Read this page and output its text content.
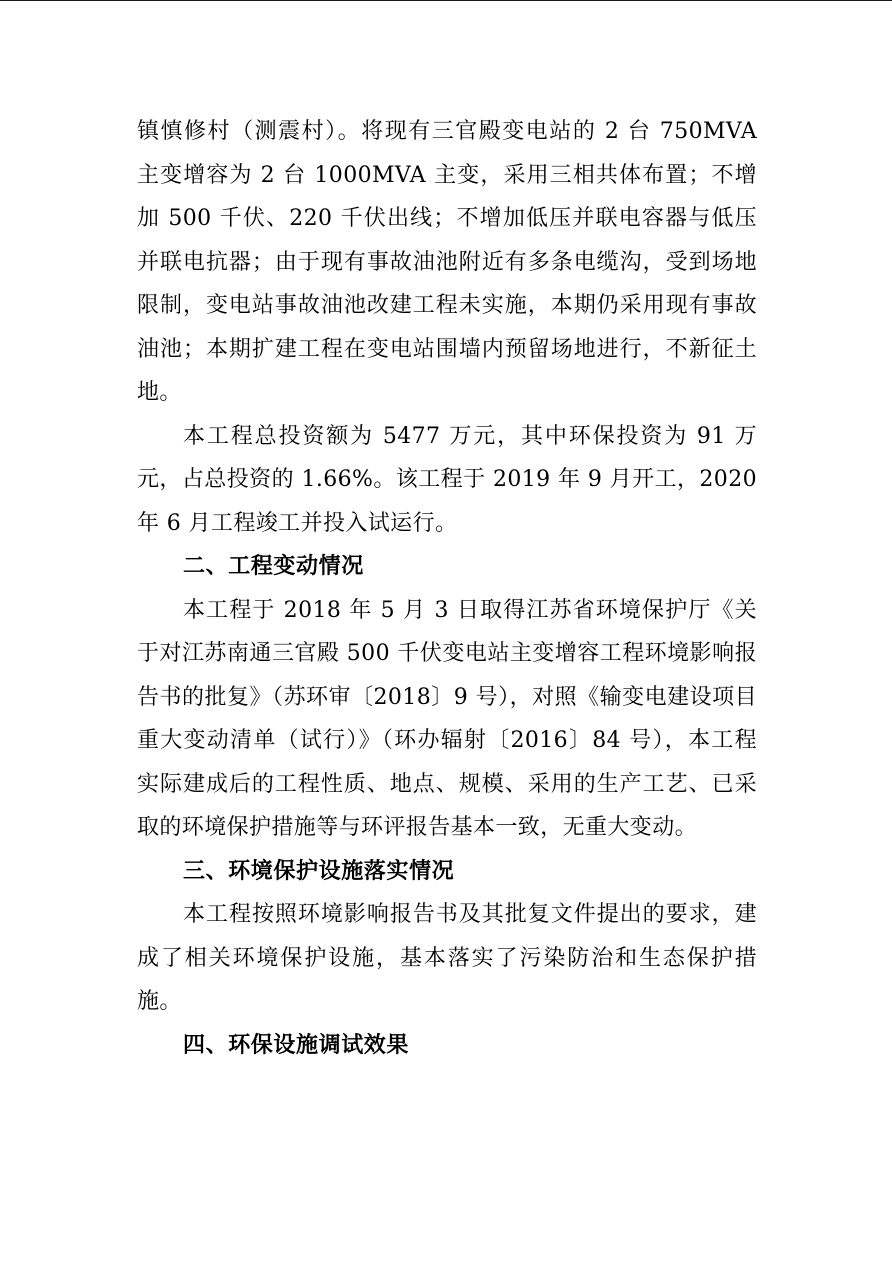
镇慎修村（测震村）。将现有三官殿变电站的 2 台 750MVA 主变增容为 2 台 1000MVA 主变，采用三相共体布置；不增加 500 千伏、220 千伏出线；不增加低压并联电容器与低压并联电抗器；由于现有事故油池附近有多条电缆沟，受到场地限制，变电站事故油池改建工程未实施，本期仍采用现有事故油池；本期扩建工程在变电站围墙内预留场地进行，不新征土地。

本工程总投资额为 5477 万元，其中环保投资为 91 万元，占总投资的 1.66%。该工程于 2019 年 9 月开工，2020 年 6 月工程竣工并投入试运行。

二、工程变动情况

本工程于 2018 年 5 月 3 日取得江苏省环境保护厅《关于对江苏南通三官殿 500 千伏变电站主变增容工程环境影响报告书的批复》（苏环审〔2018〕9 号），对照《输变电建设项目重大变动清单（试行）》（环办辐射〔2016〕84 号），本工程实际建成后的工程性质、地点、规模、采用的生产工艺、已采取的环境保护措施等与环评报告基本一致，无重大变动。

三、环境保护设施落实情况

本工程按照环境影响报告书及其批复文件提出的要求，建成了相关环境保护设施，基本落实了污染防治和生态保护措施。

四、环保设施调试效果
